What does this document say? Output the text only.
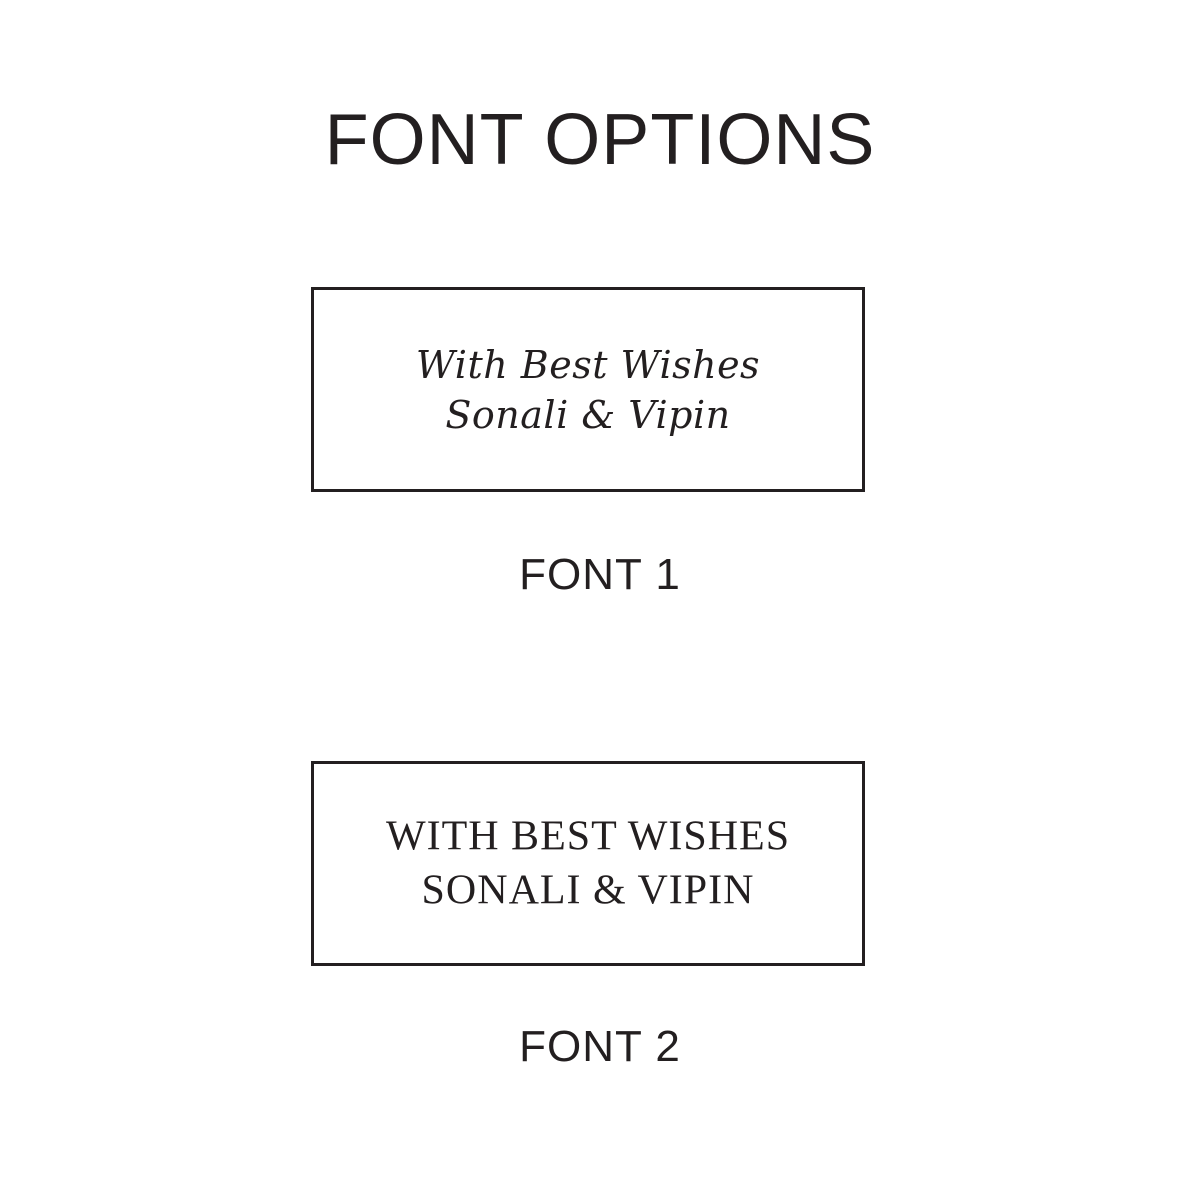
FONT OPTIONS
With Best Wishes
Sonali & Vipin
FONT 1
WITH BEST WISHES
SONALI & VIPIN
FONT 2
